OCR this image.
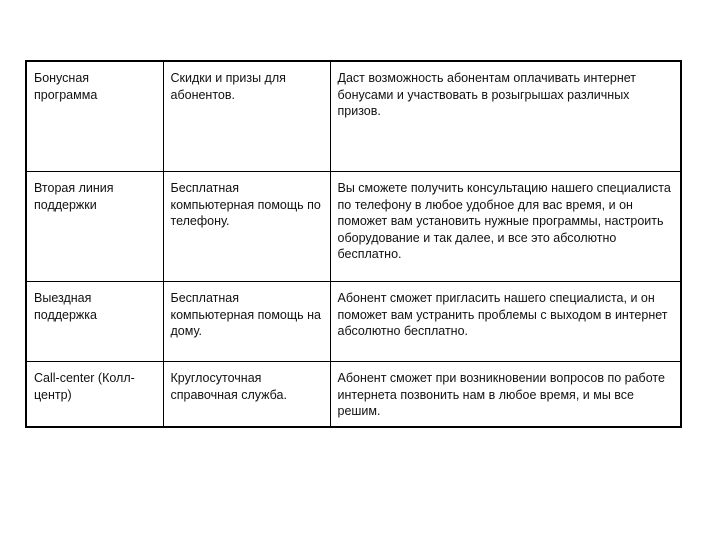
Бонусная программа	Скидки и призы для абонентов.	Даст возможность абонентам оплачивать интернет бонусами и участвовать в розыгрышах различных призов.
Вторая линия поддержки	Бесплатная компьютерная помощь по телефону.	Вы сможете получить консультацию нашего специалиста по телефону в любое удобное для вас время, и он поможет вам установить нужные программы, настроить оборудование и так далее, и все это абсолютно бесплатно.
Выездная поддержка	Бесплатная компьютерная помощь на дому.	Абонент сможет пригласить нашего специалиста, и он поможет вам устранить проблемы с выходом в интернет абсолютно бесплатно.
Call-center (Колл-центр)	Круглосуточная справочная служба.	Абонент сможет при возникновении вопросов по работе интернета позвонить нам в любое время, и мы все решим.
